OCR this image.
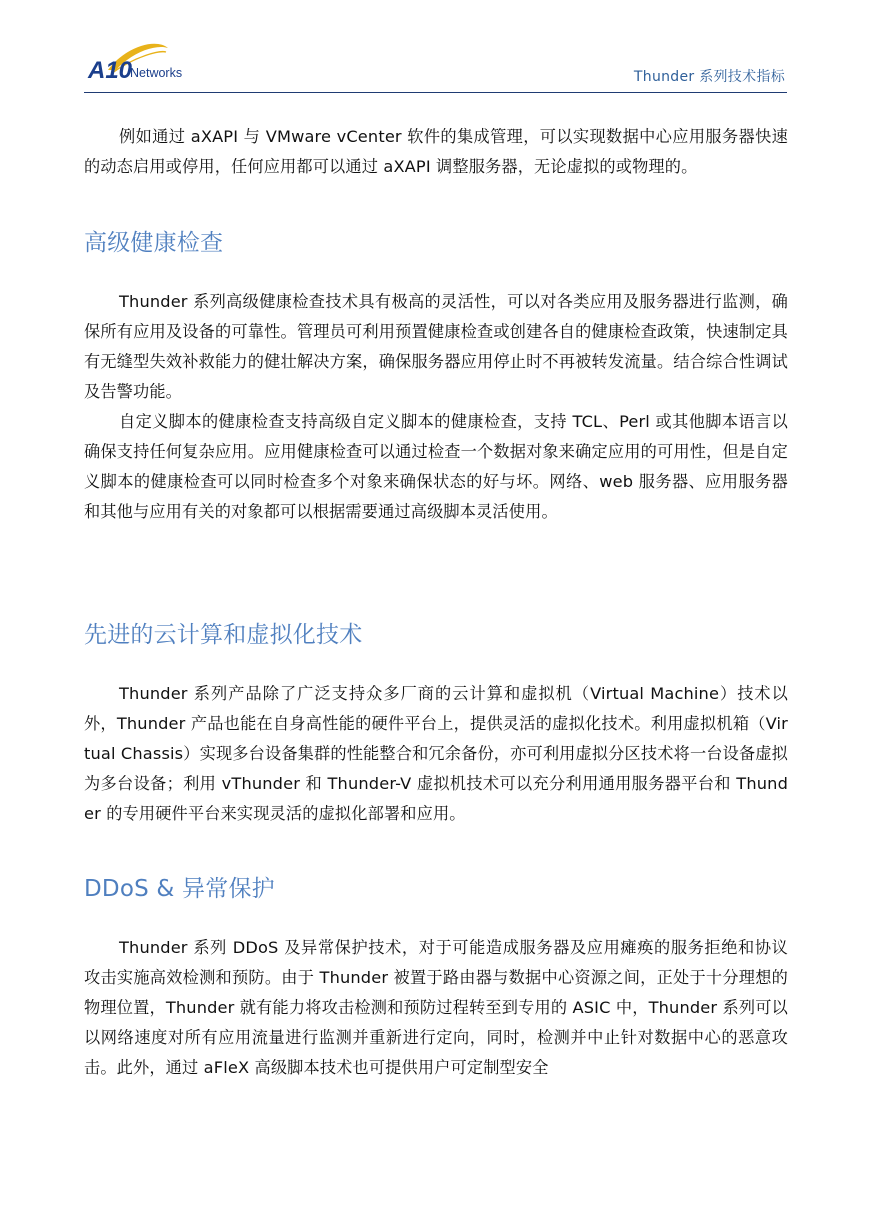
A10
Networks	Thunder 系列技术指标

例如通过 aXAPI 与 VMware vCenter 软件的集成管理，可以实现数据中心应用服务器快速的动态启用或停用，任何应用都可以通过 aXAPI 调整服务器，无论虚拟的或物理的。

高级健康检查

Thunder 系列高级健康检查技术具有极高的灵活性，可以对各类应用及服务器进行监测，确保所有应用及设备的可靠性。管理员可利用预置健康检查或创建各自的健康检查政策，快速制定具有无缝型失效补救能力的健壮解决方案，确保服务器应用停止时不再被转发流量。结合综合性调试及告警功能。

自定义脚本的健康检查支持高级自定义脚本的健康检查，支持 TCL、Perl 或其他脚本语言以确保支持任何复杂应用。应用健康检查可以通过检查一个数据对象来确定应用的可用性，但是自定义脚本的健康检查可以同时检查多个对象来确保状态的好与坏。网络、web 服务器、应用服务器和其他与应用有关的对象都可以根据需要通过高级脚本灵活使用。

先进的云计算和虚拟化技术

Thunder 系列产品除了广泛支持众多厂商的云计算和虚拟机（Virtual Machine）技术以外，Thunder 产品也能在自身高性能的硬件平台上，提供灵活的虚拟化技术。利用虚拟机箱（Virtual Chassis）实现多台设备集群的性能整合和冗余备份，亦可利用虚拟分区技术将一台设备虚拟为多台设备；利用 vThunder 和 Thunder-V 虚拟机技术可以充分利用通用服务器平台和 Thunder 的专用硬件平台来实现灵活的虚拟化部署和应用。

DDoS & 异常保护

Thunder 系列 DDoS 及异常保护技术，对于可能造成服务器及应用瘫痪的服务拒绝和协议攻击实施高效检测和预防。由于 Thunder 被置于路由器与数据中心资源之间，正处于十分理想的物理位置，Thunder 就有能力将攻击检测和预防过程转至到专用的 ASIC 中，Thunder 系列可以以网络速度对所有应用流量进行监测并重新进行定向，同时，检测并中止针对数据中心的恶意攻击。此外，通过 aFleX 高级脚本技术也可提供用户可定制型安全
